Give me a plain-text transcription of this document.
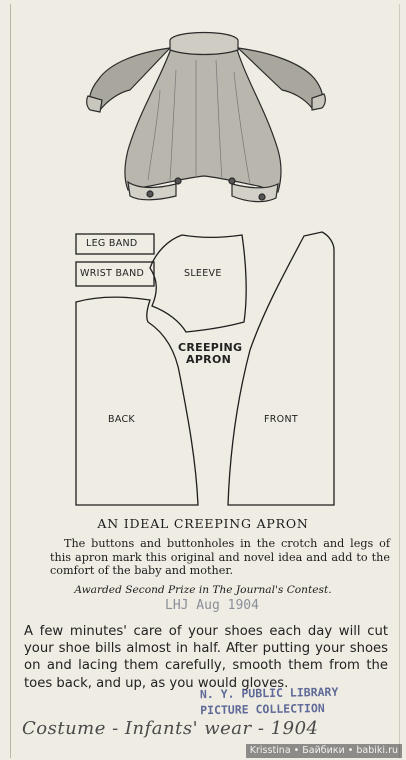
LEG BAND
WRIST BAND	SLEEVE
CREEPING
APRON
BACK	FRONT
AN IDEAL CREEPING APRON

The buttons and buttonholes in the crotch and legs of this apron mark this original and novel idea and add to the comfort of the baby and mother.

Awarded Second Prize in The Journal's Contest.
LHJ Aug 1904

A few minutes' care of your shoes each day will cut your shoe bills almost in half. After putting your shoes on and lacing them carefully, smooth them from the toes back, and up, as you would gloves.

N. Y. PUBLIC LIBRARY
PICTURE COLLECTION
Costume - Infants' wear - 1904
Krisstina • Байбики • babiki.ru
